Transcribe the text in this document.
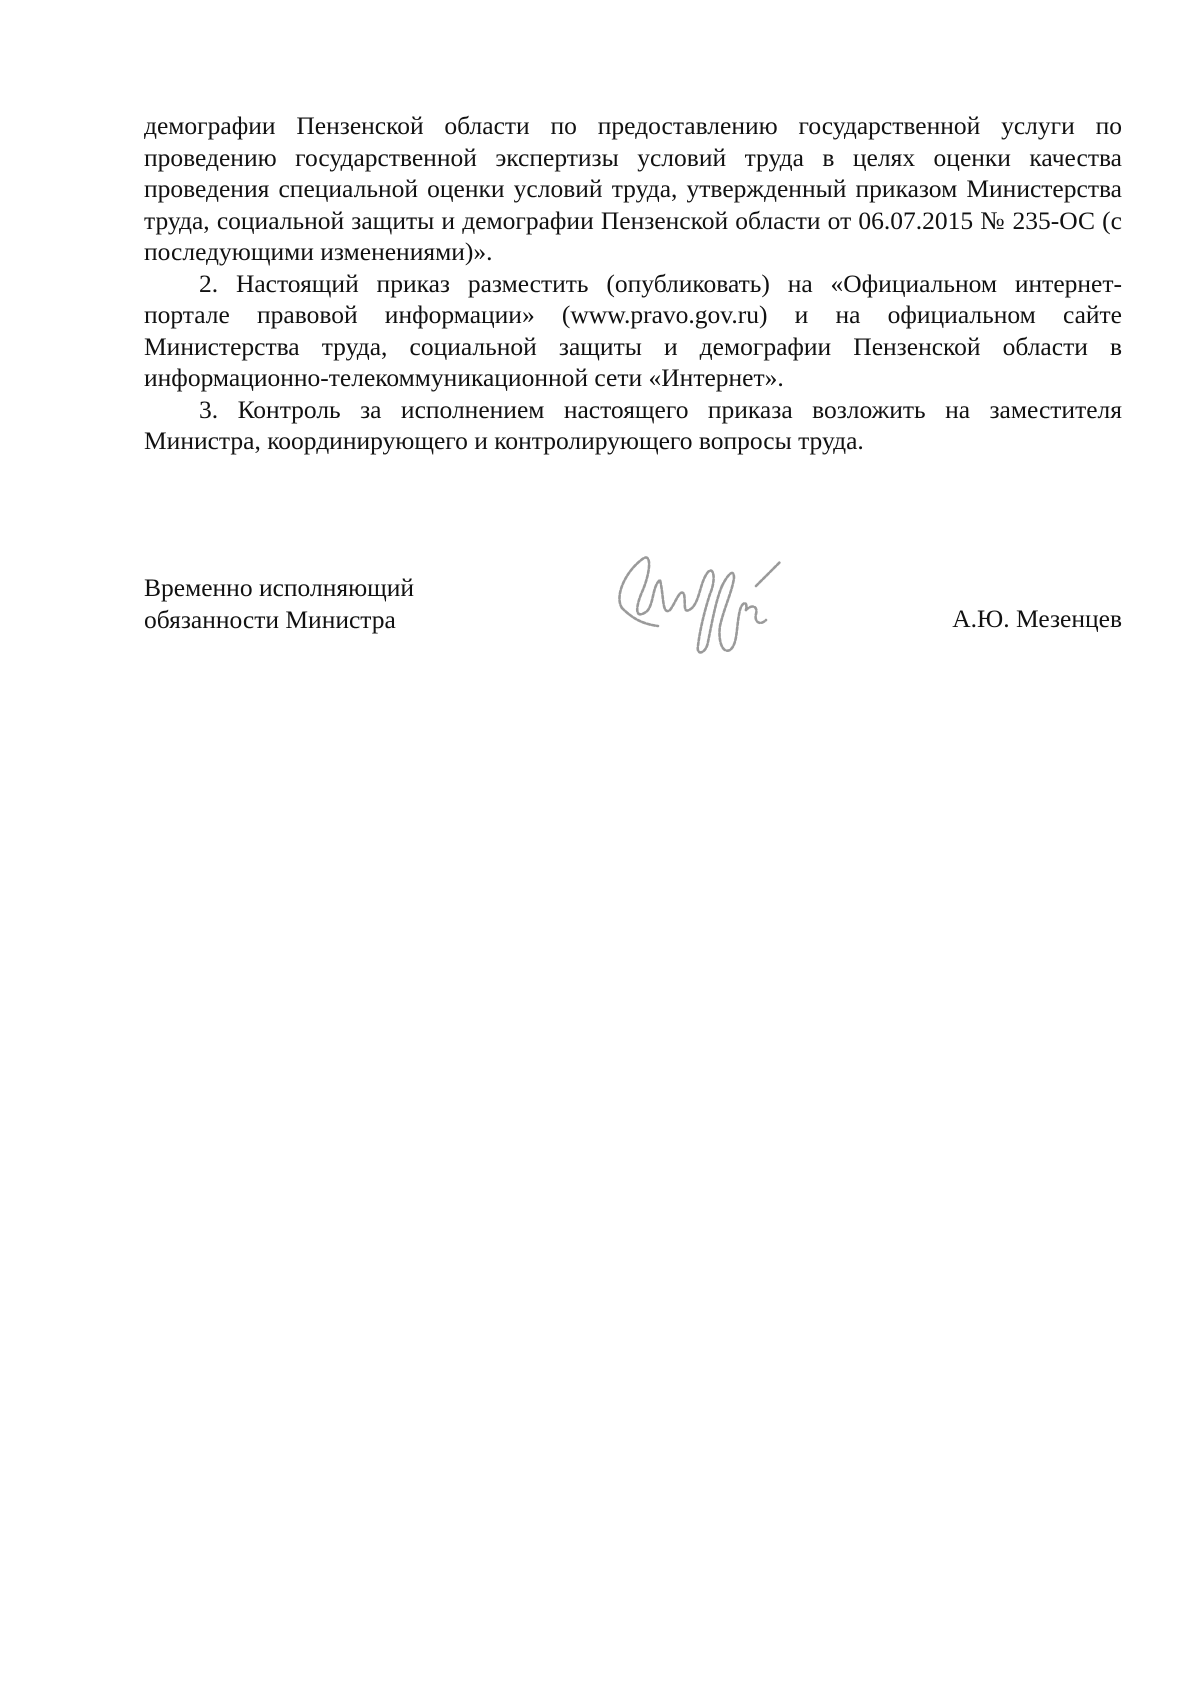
демографии Пензенской области по предоставлению государственной услуги по проведению государственной экспертизы условий труда в целях оценки качества проведения специальной оценки условий труда, утвержденный приказом Министерства труда, социальной защиты и демографии Пензенской области от 06.07.2015 № 235-ОС (с последующими изменениями)».

2. Настоящий приказ разместить (опубликовать) на «Официальном интернет-портале правовой информации» (www.pravo.gov.ru) и на официальном сайте Министерства труда, социальной защиты и демографии Пензенской области в информационно-телекоммуникационной сети «Интернет».

3. Контроль за исполнением настоящего приказа возложить на заместителя Министра, координирующего и контролирующего вопросы труда.

Временно исполняющий
обязанности Министра	А.Ю. Мезенцев
